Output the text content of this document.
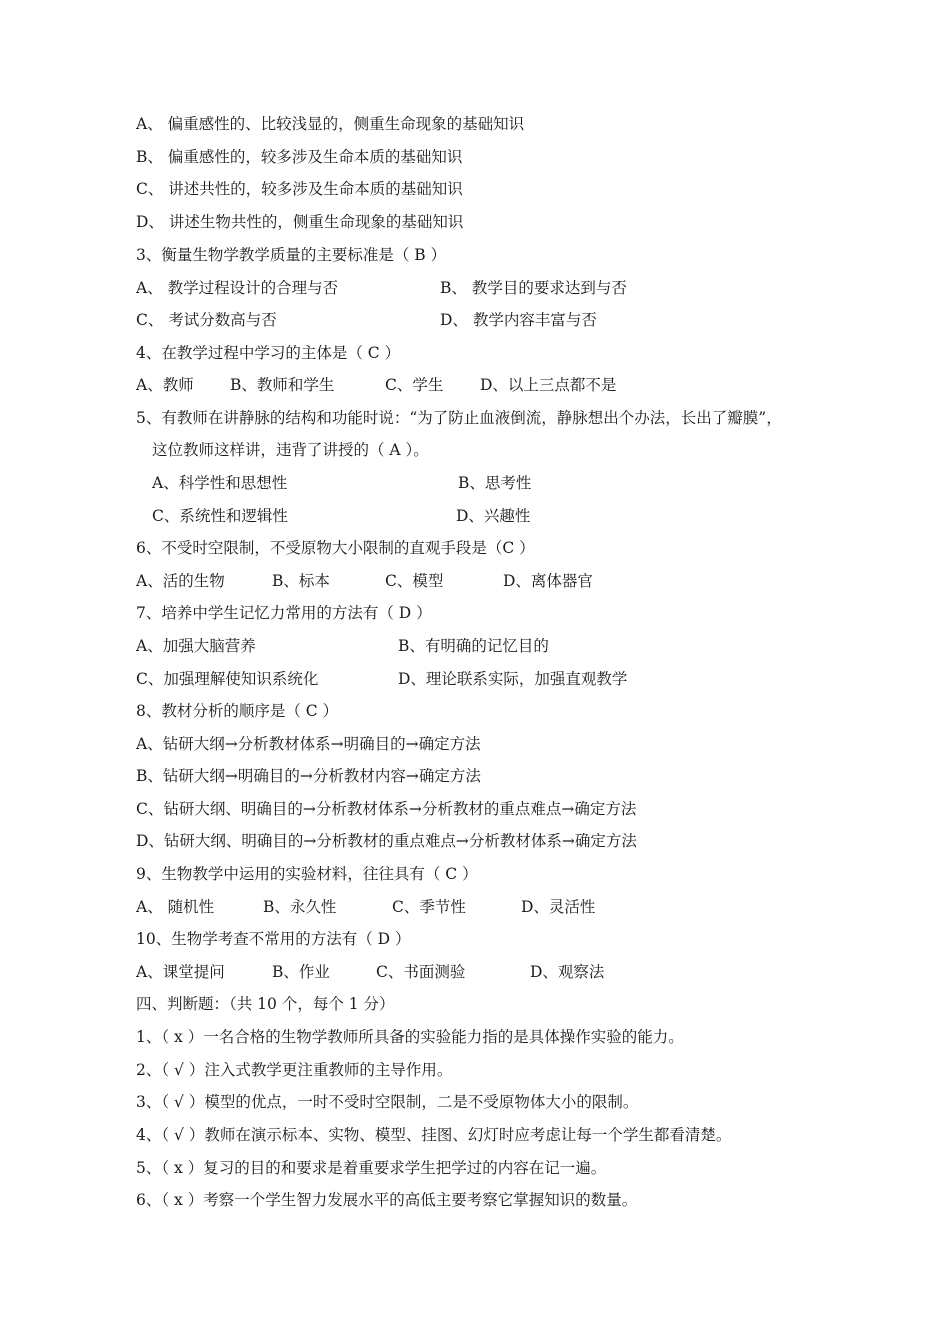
A、 偏重感性的、比较浅显的，侧重生命现象的基础知识
B、 偏重感性的，较多涉及生命本质的基础知识
C、 讲述共性的，较多涉及生命本质的基础知识
D、 讲述生物共性的，侧重生命现象的基础知识
3、衡量生物学教学质量的主要标准是（ B ）
A、 教学过程设计的合理与否	B、 教学目的要求达到与否
C、 考试分数高与否	D、 教学内容丰富与否
4、在教学过程中学习的主体是（ C ）
A、教师 B、教师和学生	C、学生 D、以上三点都不是
5、有教师在讲静脉的结构和功能时说：“为了防止血液倒流，静脉想出个办法，长出了瓣膜”，
这位教师这样讲，违背了讲授的（ A ）。
A、科学性和思想性	B、思考性
C、系统性和逻辑性	D、兴趣性
6、不受时空限制，不受原物大小限制的直观手段是（C ）
A、活的生物	B、标本	C、模型	D、离体器官
7、培养中学生记忆力常用的方法有（ D ）
A、加强大脑营养	B、有明确的记忆目的
C、加强理解使知识系统化	D、理论联系实际，加强直观教学
8、教材分析的顺序是（ C ）
A、钻研大纲→分析教材体系→明确目的→确定方法
B、钻研大纲→明确目的→分析教材内容→确定方法
C、钻研大纲、明确目的→分析教材体系→分析教材的重点难点→确定方法
D、钻研大纲、明确目的→分析教材的重点难点→分析教材体系→确定方法
9、生物教学中运用的实验材料，往往具有（ C ）
A、 随机性	B、永久性	C、季节性	D、灵活性
10、生物学考查不常用的方法有（ D ）
A、课堂提问	B、作业	C、书面测验	D、观察法
四、判断题：（共 10 个，每个 1 分）
1、（ x ）一名合格的生物学教师所具备的实验能力指的是具体操作实验的能力。
2、（ √ ）注入式教学更注重教师的主导作用。
3、（ √ ）模型的优点，一时不受时空限制，二是不受原物体大小的限制。
4、（ √ ）教师在演示标本、实物、模型、挂图、幻灯时应考虑让每一个学生都看清楚。
5、（ x ）复习的目的和要求是着重要求学生把学过的内容在记一遍。
6、（ x ）考察一个学生智力发展水平的高低主要考察它掌握知识的数量。
